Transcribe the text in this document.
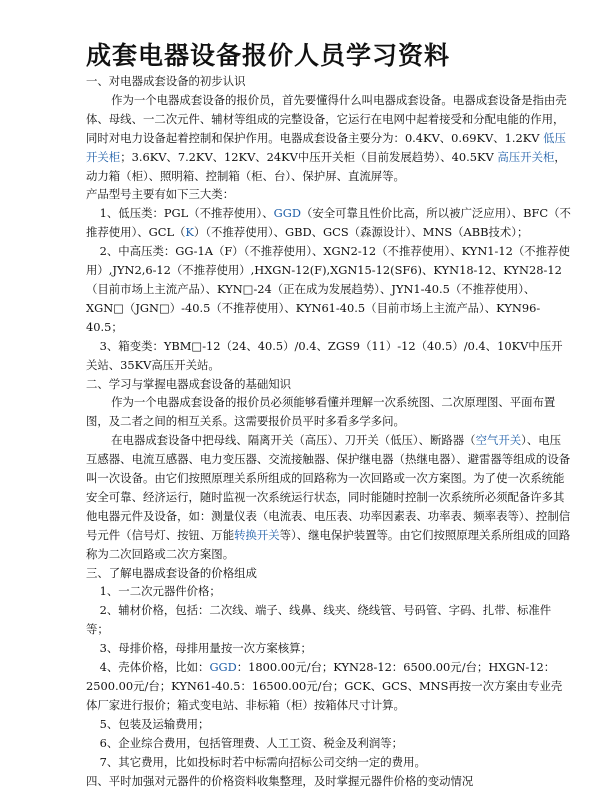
成套电器设备报价人员学习资料

一、对电器成套设备的初步认识

作为一个电器成套设备的报价员，首先要懂得什么叫电器成套设备。电器成套设备是指由壳体、母线、一二次元件、辅材等组成的完整设备，它运行在电网中起着接受和分配电能的作用，同时对电力设备起着控制和保护作用。电器成套设备主要分为：0.4KV、0.69KV、1.2KV 低压开关柜；3.6KV、7.2KV、12KV、24KV中压开关柜（目前发展趋势）、40.5KV 高压开关柜，动力箱（柜）、照明箱、控制箱（柜、台）、保护屏、直流屏等。

产品型号主要有如下三大类：

1、低压类：PGL（不推荐使用）、GGD（安全可靠且性价比高，所以被广泛应用）、BFC（不推荐使用）、GCL（K）（不推荐使用）、GBD、GCS（森源设计）、MNS（ABB技术）；

2、中高压类：GG-1A（F）（不推荐使用）、XGN2-12（不推荐使用）、KYN1-12（不推荐使用）,JYN2,6-12（不推荐使用）,HXGN-12(F),XGN15-12(SF6)、KYN18-12、KYN28-12（目前市场上主流产品）、KYN□-24（正在成为发展趋势）、JYN1-40.5（不推荐使用）、XGN□（JGN□）-40.5（不推荐使用）、KYN61-40.5（目前市场上主流产品）、KYN96-40.5；

3、箱变类：YBM□-12（24、40.5）/0.4、ZGS9（11）-12（40.5）/0.4、10KV中压开关站、35KV高压开关站。

二、学习与掌握电器成套设备的基础知识

作为一个电器成套设备的报价员必须能够看懂并理解一次系统图、二次原理图、平面布置图，及二者之间的相互关系。这需要报价员平时多看多学多问。

在电器成套设备中把母线、隔离开关（高压）、刀开关（低压）、断路器（空气开关）、电压互感器、电流互感器、电力变压器、交流接触器、保护继电器（热继电器）、避雷器等组成的设备叫一次设备。由它们按照原理关系所组成的回路称为一次回路或一次方案图。为了使一次系统能安全可靠、经济运行，随时监视一次系统运行状态，同时能随时控制一次系统所必须配备许多其他电器元件及设备，如：测量仪表（电流表、电压表、功率因素表、功率表、频率表等）、控制信号元件（信号灯、按钮、万能转换开关等）、继电保护装置等。由它们按照原理关系所组成的回路称为二次回路或二次方案图。

三、了解电器成套设备的价格组成

1、一二次元器件价格；

2、辅材价格，包括：二次线、端子、线鼻、线夹、绕线管、号码管、字码、扎带、标准件等；

3、母排价格，母排用量按一次方案核算；

4、壳体价格，比如：GGD：1800.00元/台；KYN28-12：6500.00元/台；HXGN-12：2500.00元/台；KYN61-40.5：16500.00元/台；GCK、GCS、MNS再按一次方案由专业壳体厂家进行报价；箱式变电站、非标箱（柜）按箱体尺寸计算。

5、包装及运输费用；

6、企业综合费用，包括管理费、人工工资、税金及利润等；

7、其它费用，比如投标时若中标需向招标公司交纳一定的费用。

四、平时加强对元器件的价格资料收集整理，及时掌握元器件价格的变动情况
